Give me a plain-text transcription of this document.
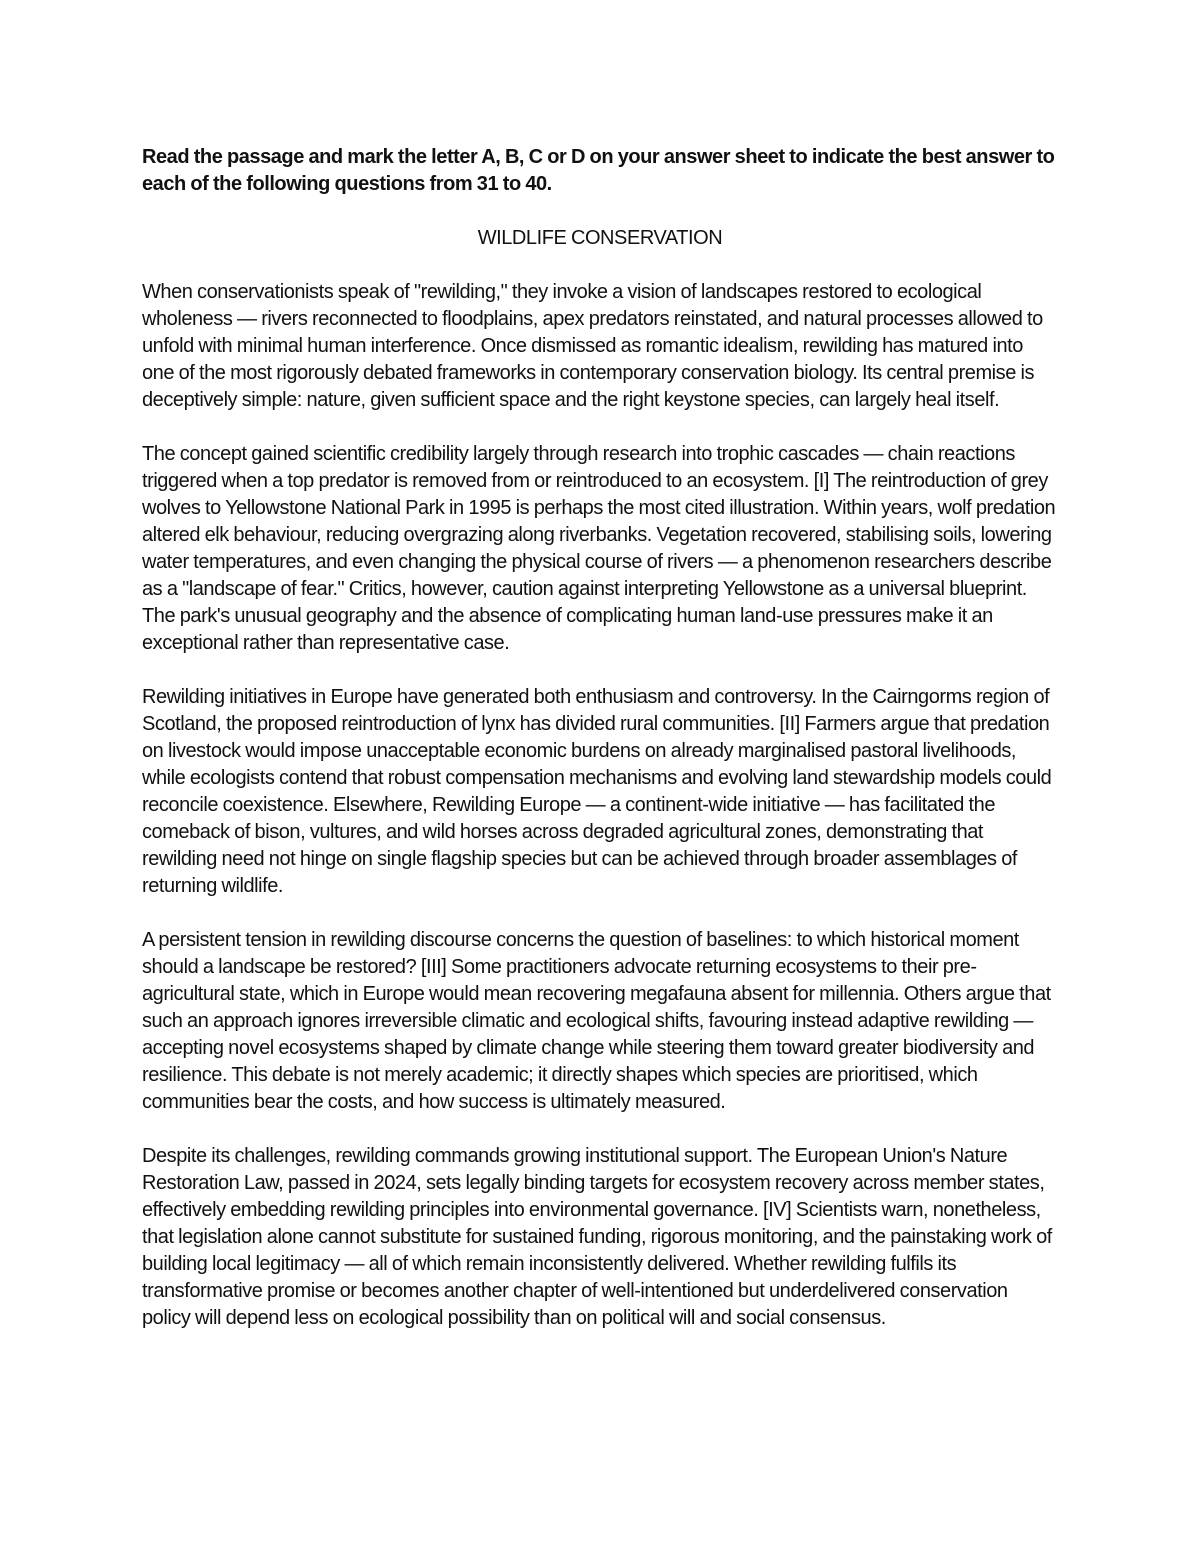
Read the passage and mark the letter A, B, C or D on your answer sheet to indicate the best answer to each of the following questions from 31 to 40.

WILDLIFE CONSERVATION

When conservationists speak of "rewilding," they invoke a vision of landscapes restored to ecological wholeness — rivers reconnected to floodplains, apex predators reinstated, and natural processes allowed to unfold with minimal human interference. Once dismissed as romantic idealism, rewilding has matured into one of the most rigorously debated frameworks in contemporary conservation biology. Its central premise is deceptively simple: nature, given sufficient space and the right keystone species, can largely heal itself.

The concept gained scientific credibility largely through research into trophic cascades — chain reactions triggered when a top predator is removed from or reintroduced to an ecosystem. [I] The reintroduction of grey wolves to Yellowstone National Park in 1995 is perhaps the most cited illustration. Within years, wolf predation altered elk behaviour, reducing overgrazing along riverbanks. Vegetation recovered, stabilising soils, lowering water temperatures, and even changing the physical course of rivers — a phenomenon researchers describe as a "landscape of fear." Critics, however, caution against interpreting Yellowstone as a universal blueprint. The park's unusual geography and the absence of complicating human land-use pressures make it an exceptional rather than representative case.

Rewilding initiatives in Europe have generated both enthusiasm and controversy. In the Cairngorms region of Scotland, the proposed reintroduction of lynx has divided rural communities. [II] Farmers argue that predation on livestock would impose unacceptable economic burdens on already marginalised pastoral livelihoods, while ecologists contend that robust compensation mechanisms and evolving land stewardship models could reconcile coexistence. Elsewhere, Rewilding Europe — a continent-wide initiative — has facilitated the comeback of bison, vultures, and wild horses across degraded agricultural zones, demonstrating that rewilding need not hinge on single flagship species but can be achieved through broader assemblages of returning wildlife.

A persistent tension in rewilding discourse concerns the question of baselines: to which historical moment should a landscape be restored? [III] Some practitioners advocate returning ecosystems to their pre-agricultural state, which in Europe would mean recovering megafauna absent for millennia. Others argue that such an approach ignores irreversible climatic and ecological shifts, favouring instead adaptive rewilding — accepting novel ecosystems shaped by climate change while steering them toward greater biodiversity and resilience. This debate is not merely academic; it directly shapes which species are prioritised, which communities bear the costs, and how success is ultimately measured.

Despite its challenges, rewilding commands growing institutional support. The European Union's Nature Restoration Law, passed in 2024, sets legally binding targets for ecosystem recovery across member states, effectively embedding rewilding principles into environmental governance. [IV] Scientists warn, nonetheless, that legislation alone cannot substitute for sustained funding, rigorous monitoring, and the painstaking work of building local legitimacy — all of which remain inconsistently delivered. Whether rewilding fulfils its transformative promise or becomes another chapter of well-intentioned but underdelivered conservation policy will depend less on ecological possibility than on political will and social consensus.
